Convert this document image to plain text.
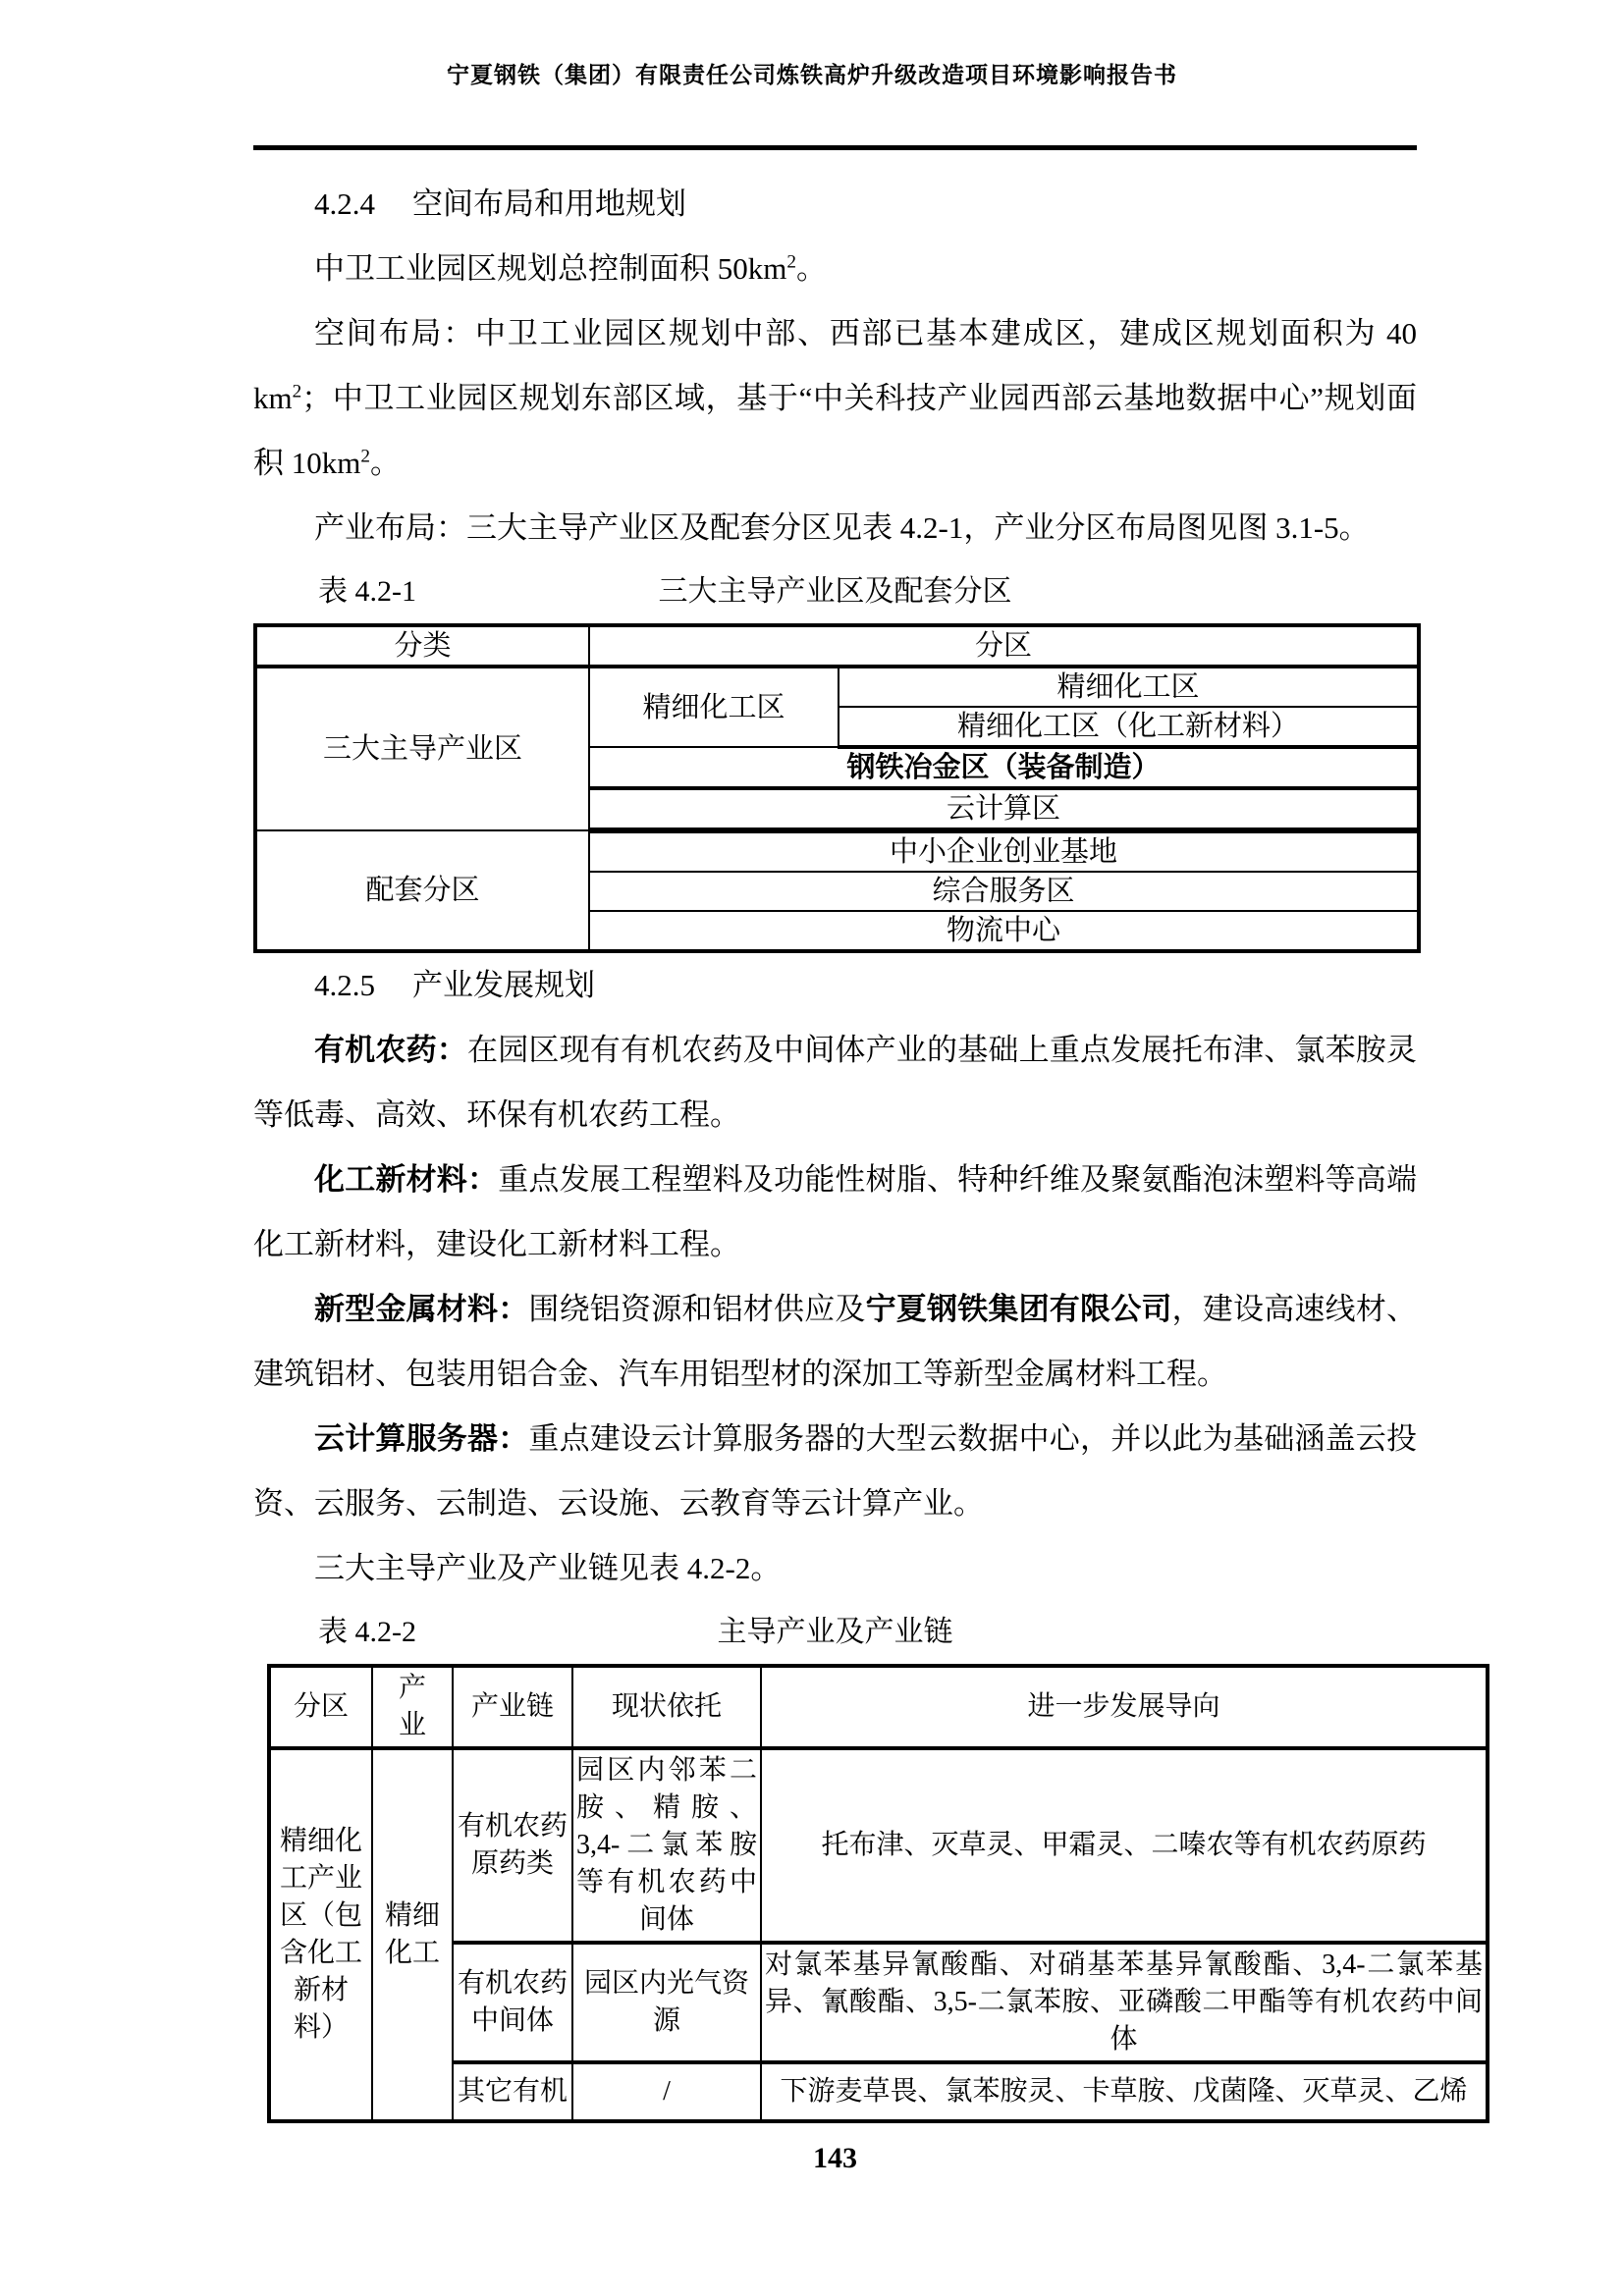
宁夏钢铁（集团）有限责任公司炼铁高炉升级改造项目环境影响报告书
4.2.4 空间布局和用地规划

中卫工业园区规划总控制面积 $50km^2$。

空间布局：中卫工业园区规划中部、西部已基本建成区，建成区规划面积为 40 $km^2$；中卫工业园区规划东部区域，基于“中关科技产业园西部云基地数据中心”规划面积 $10km^2$。

产业布局：三大主导产业区及配套分区见表 4.2-1，产业分区布局图见图 3.1-5。

表 4.2-1	三大主导产业区及配套分区
分类	分区	
三大主导产业区	精细化工区	精细化工区
		精细化工区（化工新材料）
	钢铁冶金区（装备制造）	
	云计算区	
配套分区	中小企业创业基地	
	综合服务区	
	物流中心	
4.2.5 产业发展规划

有机农药：在园区现有有机农药及中间体产业的基础上重点发展托布津、氯苯胺灵等低毒、高效、环保有机农药工程。

化工新材料：重点发展工程塑料及功能性树脂、特种纤维及聚氨酯泡沫塑料等高端化工新材料，建设化工新材料工程。

新型金属材料：围绕铝资源和铝材供应及宁夏钢铁集团有限公司，建设高速线材、建筑铝材、包装用铝合金、汽车用铝型材的深加工等新型金属材料工程。

云计算服务器：重点建设云计算服务器的大型云数据中心，并以此为基础涵盖云投资、云服务、云制造、云设施、云教育等云计算产业。

三大主导产业及产业链见表 4.2-2。

表 4.2-2	主导产业及产业链
分区	产业	产业链	现状依托	进一步发展导向
精细化工产业区（包含化工新材料）	精细化工	有机农药原药类	园区内邻苯二胺、精胺、3,4-二氯苯胺等有机农药中间体	托布津、灭草灵、甲霜灵、二嗪农等有机农药原药
		有机农药中间体	园区内光气资源	对氯苯基异氰酸酯、对硝基苯基异氰酸酯、3,4-二氯苯基异、氰酸酯、3,5-二氯苯胺、亚磷酸二甲酯等有机农药中间体
		其它有机	/	下游麦草畏、氯苯胺灵、卡草胺、戊菌隆、灭草灵、乙烯
143
